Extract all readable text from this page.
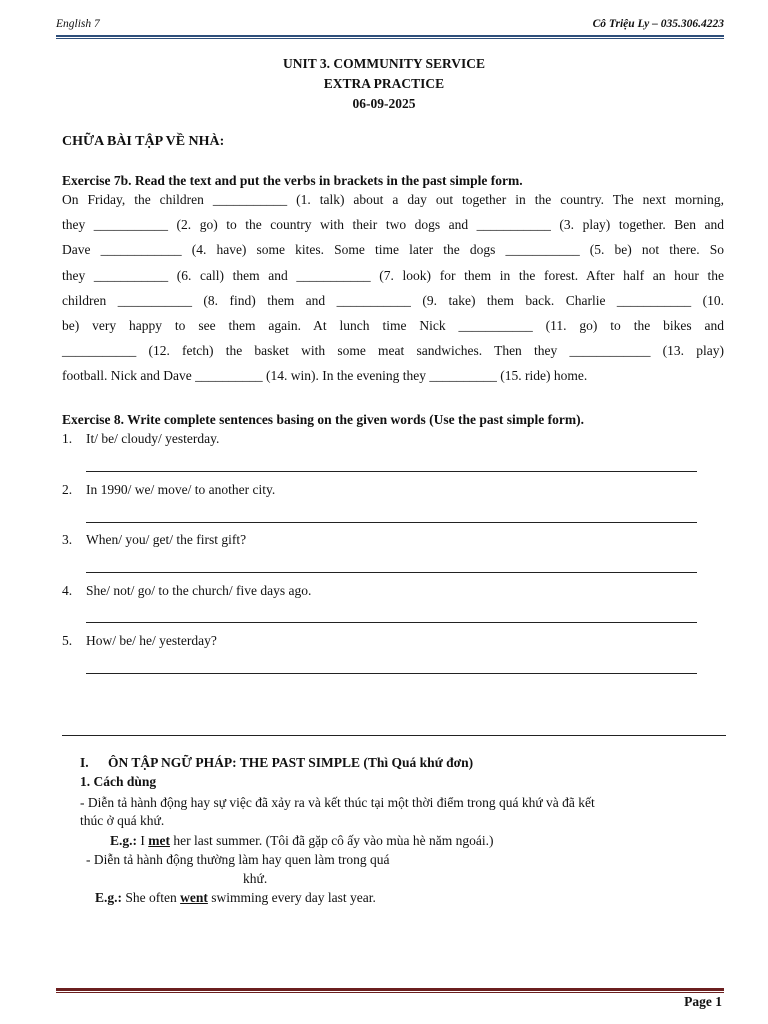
English 7	Cô Triệu Ly – 035.306.4223
UNIT 3. COMMUNITY SERVICE
EXTRA PRACTICE
06-09-2025
CHỮA BÀI TẬP VỀ NHÀ:
Exercise 7b. Read the text and put the verbs in brackets in the past simple form.
On Friday, the children ___________ (1. talk) about a day out together in the country. The next morning,
they ___________ (2. go) to the country with their two dogs and ___________ (3. play) together. Ben and
Dave ____________ (4. have) some kites. Some time later the dogs ___________ (5. be) not there. So
they ___________ (6. call) them and ___________ (7. look) for them in the forest. After half an hour the
children ___________ (8. find) them and ___________ (9. take) them back. Charlie ___________ (10.
be) very happy to see them again. At lunch time Nick ___________ (11. go) to the bikes and
___________ (12. fetch) the basket with some meat sandwiches. Then they ____________ (13. play)
football. Nick and Dave __________ (14. win). In the evening they __________ (15. ride) home.
Exercise 8. Write complete sentences basing on the given words (Use the past simple form).
1. It/ be/ cloudy/ yesterday.
2. In 1990/ we/ move/ to another city.
3. When/ you/ get/ the first gift?
4. She/ not/ go/ to the church/ five days ago.
5. How/ be/ he/ yesterday?
I. ÔN TẬP NGỮ PHÁP: THE PAST SIMPLE (Thì Quá khứ đơn)
1. Cách dùng
- Diễn tả hành động hay sự việc đã xảy ra và kết thúc tại một thời điểm trong quá khứ và đã kết
thúc ở quá khứ.
E.g.: I met her last summer. (Tôi đã gặp cô ấy vào mùa hè năm ngoái.)
- Diễn tả hành động thường làm hay quen làm trong quá
khứ.
E.g.: She often went swimming every day last year.
Page 1
